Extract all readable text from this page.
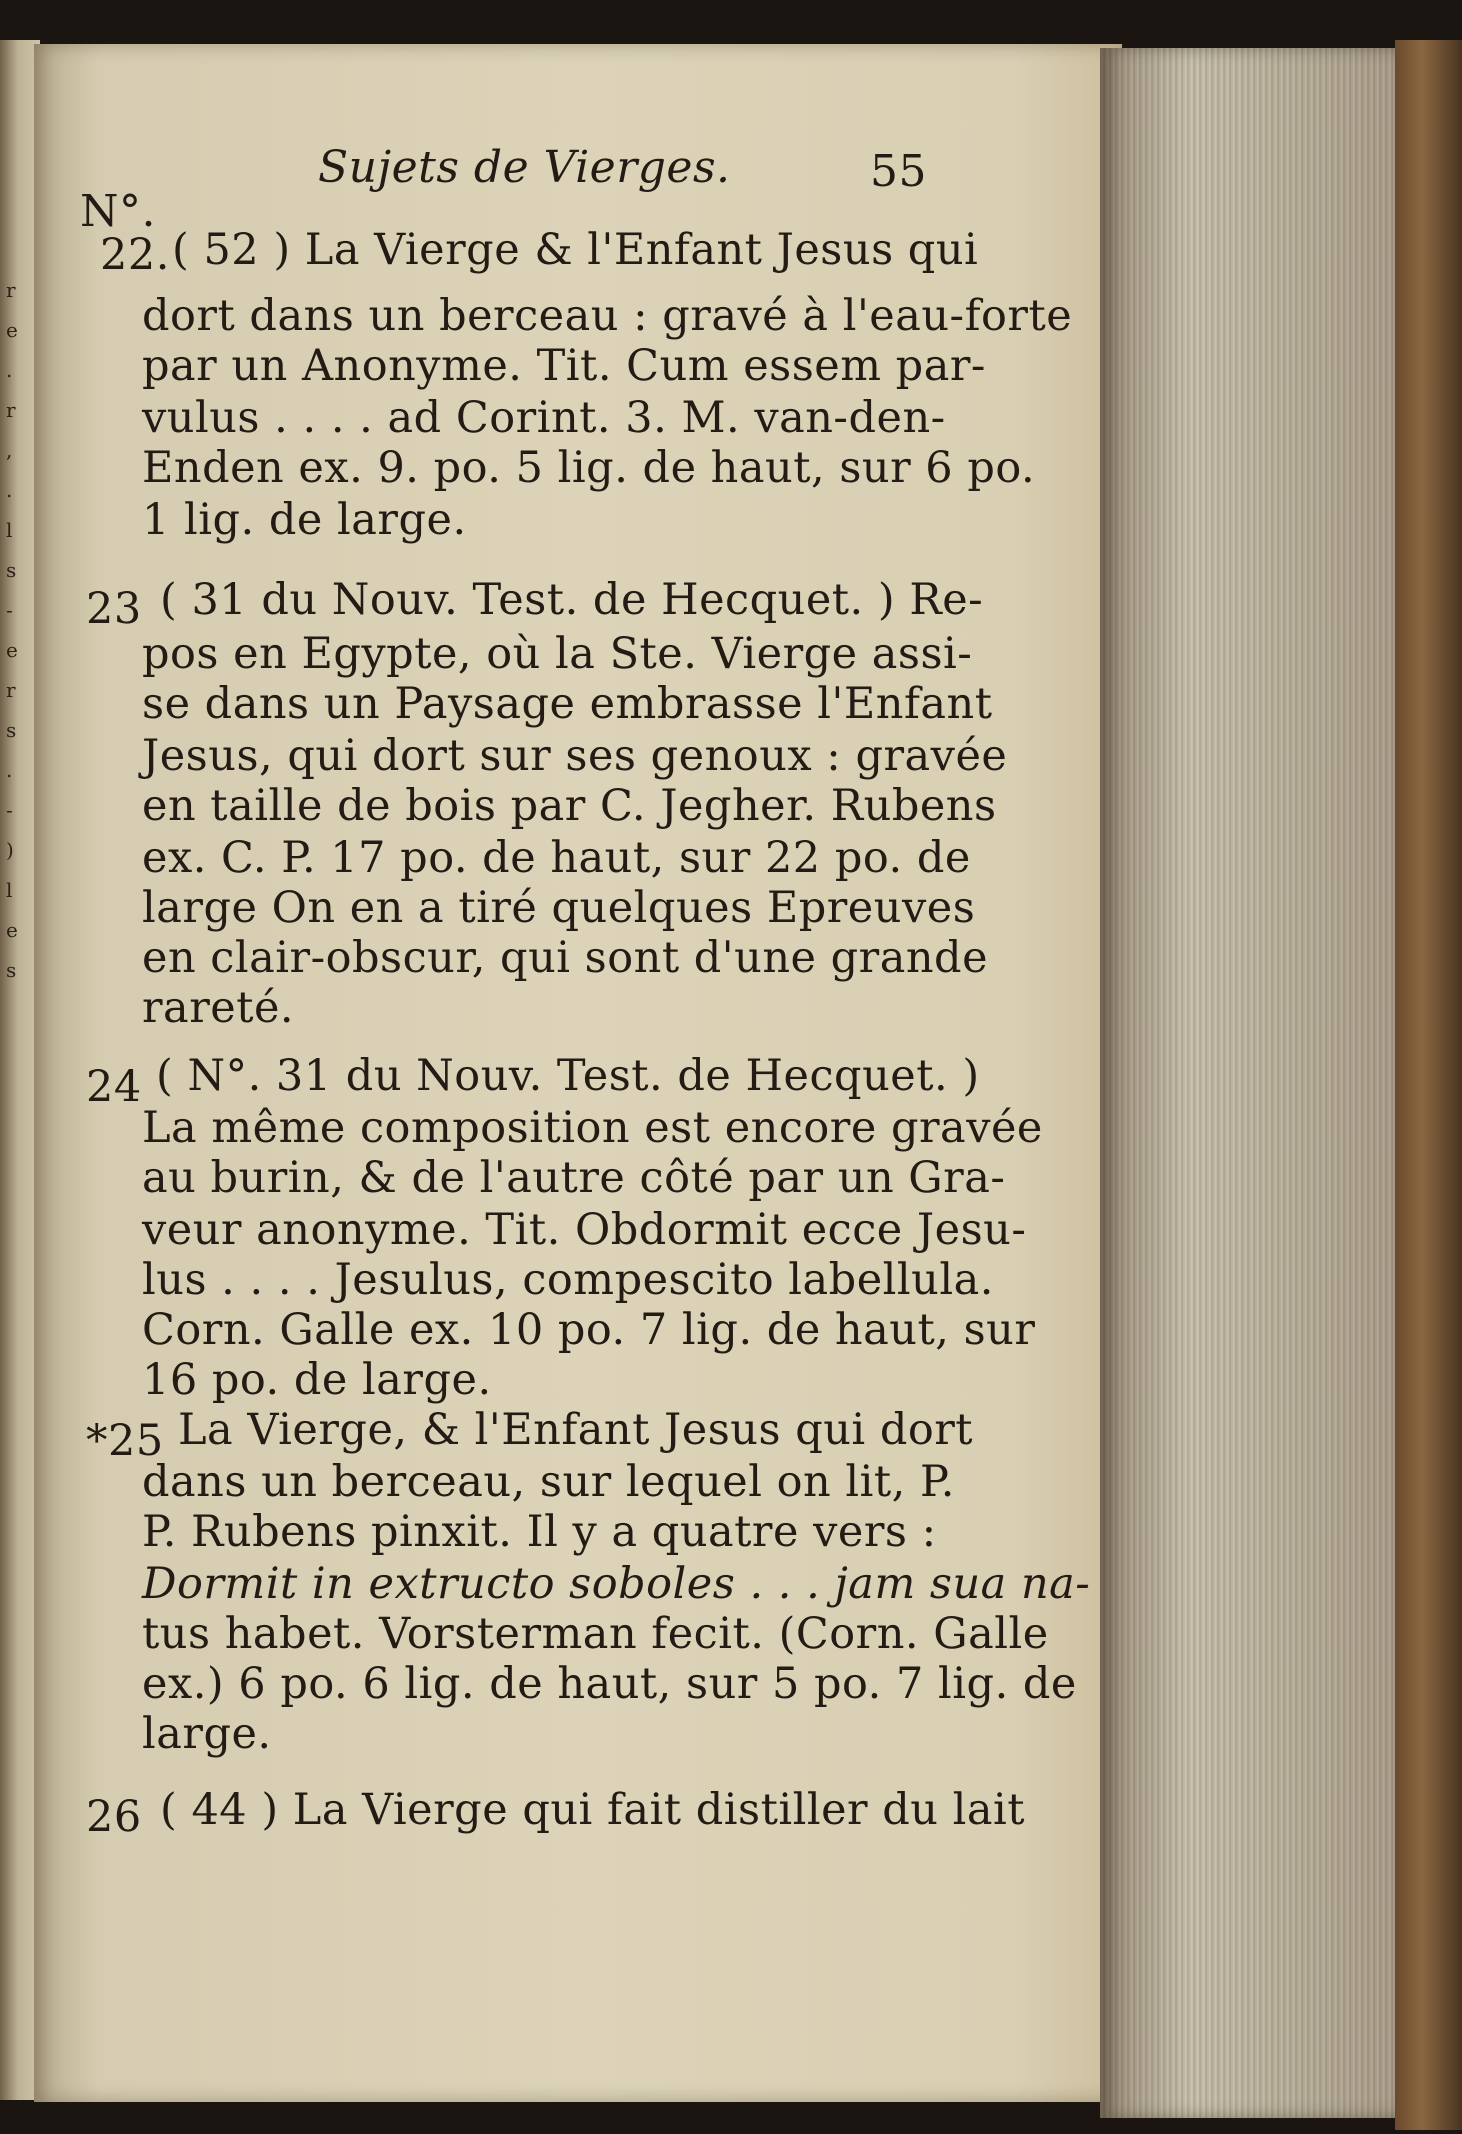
r
e
.
r
,
.
l
s
-
e
r
s
.
-
)
l
e
s
Sujets de Vierges.	55
N°.
22. ( 52 ) La Vierge & l'Enfant Jesus qui
dort dans un berceau : gravé à l'eau-forte
par un Anonyme. Tit. Cum essem par-
vulus . . . . ad Corint. 3. M. van-den-
Enden ex. 9. po. 5 lig. de haut, sur 6 po.
1 lig. de large.
23 ( 31 du Nouv. Test. de Hecquet. ) Re-
pos en Egypte, où la Ste. Vierge assi-
se dans un Paysage embrasse l'Enfant
Jesus, qui dort sur ses genoux : gravée
en taille de bois par C. Jegher. Rubens
ex. C. P. 17 po. de haut, sur 22 po. de
large On en a tiré quelques Epreuves
en clair-obscur, qui sont d'une grande
rareté.
24 ( N°. 31 du Nouv. Test. de Hecquet. )
La même composition est encore gravée
au burin, & de l'autre côté par un Gra-
veur anonyme. Tit. Obdormit ecce Jesu-
lus . . . . Jesulus, compescito labellula.
Corn. Galle ex. 10 po. 7 lig. de haut, sur
16 po. de large.
*25 La Vierge, & l'Enfant Jesus qui dort
dans un berceau, sur lequel on lit, P.
P. Rubens pinxit. Il y a quatre vers :
Dormit in extructo soboles . . . jam sua na-
tus habet. Vorsterman fecit. (Corn. Galle
ex.) 6 po. 6 lig. de haut, sur 5 po. 7 lig. de
large.
26 ( 44 ) La Vierge qui fait distiller du lait
